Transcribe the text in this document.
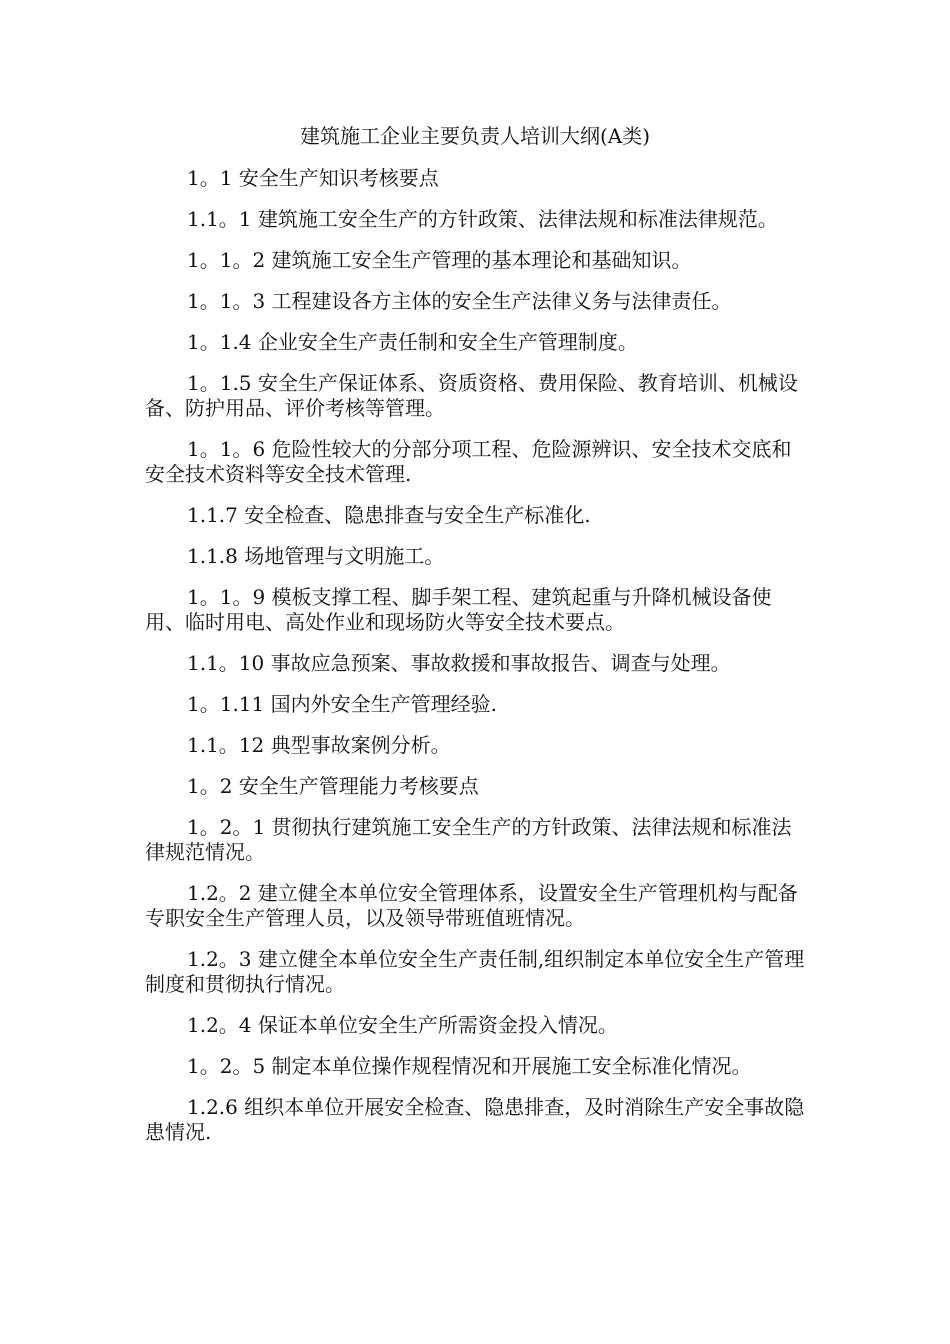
建筑施工企业主要负责人培训大纲(A类)

1。1 安全生产知识考核要点

1.1。1 建筑施工安全生产的方针政策、法律法规和标准法律规范。

1。1。2 建筑施工安全生产管理的基本理论和基础知识。

1。1。3 工程建设各方主体的安全生产法律义务与法律责任。

1。1.4 企业安全生产责任制和安全生产管理制度。

1。1.5 安全生产保证体系、资质资格、费用保险、教育培训、机械设备、防护用品、评价考核等管理。

1。1。6 危险性较大的分部分项工程、危险源辨识、安全技术交底和安全技术资料等安全技术管理.

1.1.7 安全检查、隐患排查与安全生产标准化.

1.1.8 场地管理与文明施工。

1。1。9 模板支撑工程、脚手架工程、建筑起重与升降机械设备使用、临时用电、高处作业和现场防火等安全技术要点。

1.1。10 事故应急预案、事故救援和事故报告、调查与处理。

1。1.11 国内外安全生产管理经验.

1.1。12 典型事故案例分析。

1。2 安全生产管理能力考核要点

1。2。1 贯彻执行建筑施工安全生产的方针政策、法律法规和标准法律规范情况。

1.2。2 建立健全本单位安全管理体系，设置安全生产管理机构与配备专职安全生产管理人员，以及领导带班值班情况。

1.2。3 建立健全本单位安全生产责任制,组织制定本单位安全生产管理制度和贯彻执行情况。

1.2。4 保证本单位安全生产所需资金投入情况。

1。2。5 制定本单位操作规程情况和开展施工安全标准化情况。

1.2.6 组织本单位开展安全检查、隐患排查，及时消除生产安全事故隐患情况.
